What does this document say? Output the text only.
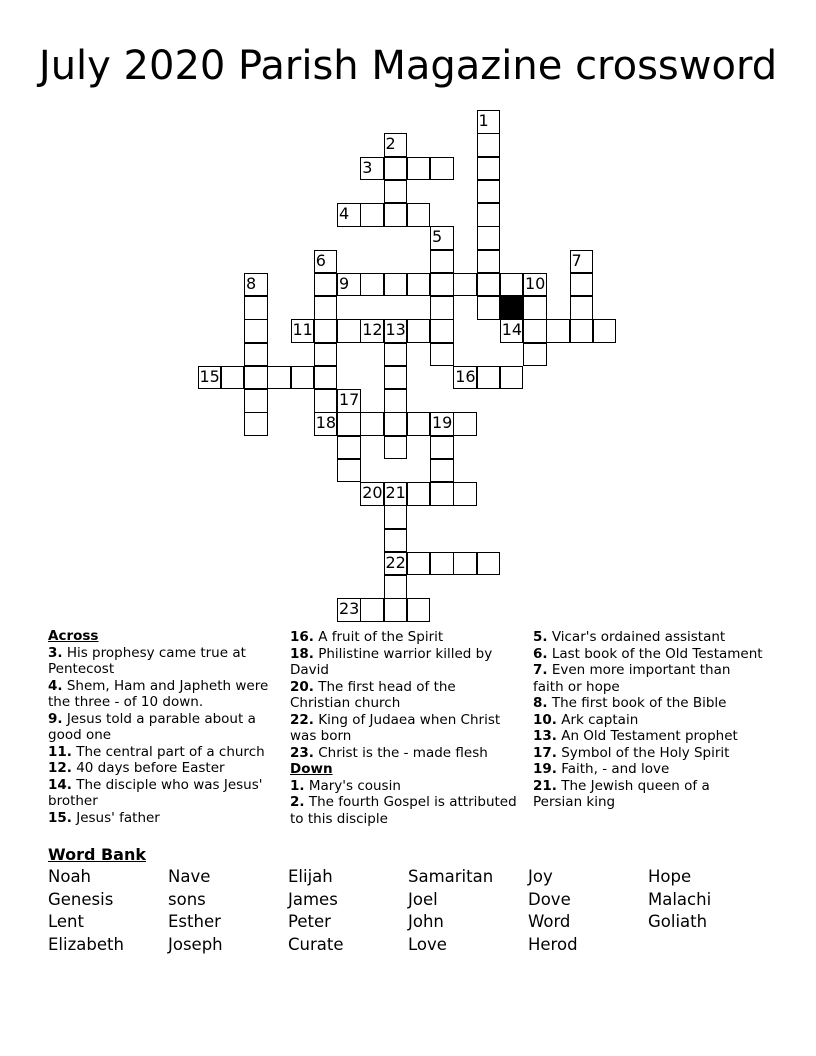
July 2020 Parish Magazine crossword
1
2
3
4
5
6	7
8	9	10
11	12 13	14
15	16
17
18	19
20 21
22
23
Across
3. His prophesy came true at Pentecost
4. Shem, Ham and Japheth were the three - of 10 down.
9. Jesus told a parable about a good one
11. The central part of a church
12. 40 days before Easter
14. The disciple who was Jesus' brother
15. Jesus' father
16. A fruit of the Spirit
18. Philistine warrior killed by David
20. The first head of the Christian church
22. King of Judaea when Christ was born
23. Christ is the - made flesh
Down
1. Mary's cousin
2. The fourth Gospel is attributed to this disciple
5. Vicar's ordained assistant
6. Last book of the Old Testament
7. Even more important than faith or hope
8. The first book of the Bible
10. Ark captain
13. An Old Testament prophet
17. Symbol of the Holy Spirit
19. Faith, - and love
21. The Jewish queen of a Persian king
Word Bank
Noah	Nave	Elijah	Samaritan	Joy	Hope
Genesis	sons	James	Joel	Dove	Malachi
Lent	Esther	Peter	John	Word	Goliath
Elizabeth	Joseph	Curate	Love	Herod
